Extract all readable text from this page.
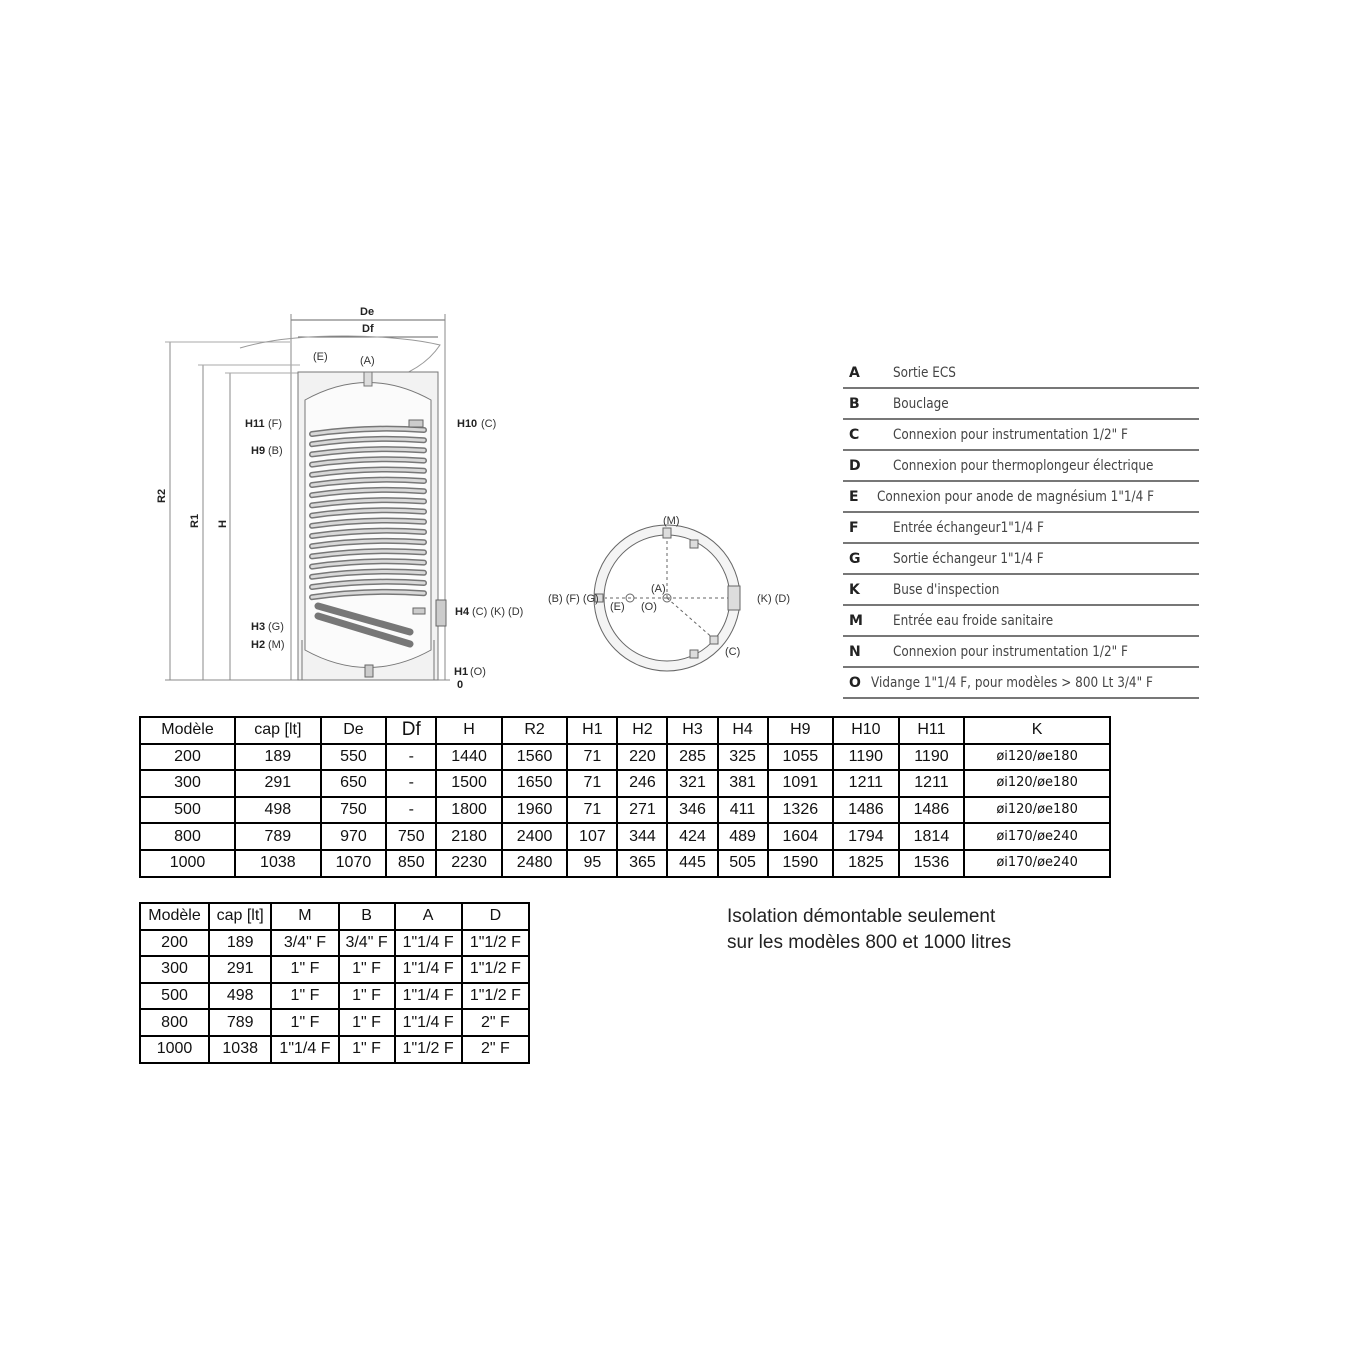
De
Df
(E)	(A)
R2
R1 H
H11 (F)
H9 (B)
H10 (C)
H4 (C) (K) (D)
H3 (G)
H2 (M)
H1 (O)
0
(M)
(A)
(E) (O)
(B) (F) (G)	(K) (D)
(C)
A	Sortie ECS
B	Bouclage
C	Connexion pour instrumentation 1/2" F
D	Connexion pour thermoplongeur électrique
E	Connexion pour anode de magnésium 1"1/4 F
F	Entrée échangeur1"1/4 F
G	Sortie échangeur 1"1/4 F
K	Buse d'inspection
M	Entrée eau froide sanitaire
N	Connexion pour instrumentation 1/2" F
O Vidange 1"1/4 F, pour modèles > 800 Lt 3/4" F
Modèle	cap [lt]	De	Df	H	R2	H1	H2	H3	H4	H9	H10	H11	K
200	189	550	-	1440	1560	71	220	285	325	1055	1190	1190	øi120/øe180
300	291	650	-	1500	1650	71	246	321	381	1091	1211	1211	øi120/øe180
500	498	750	-	1800	1960	71	271	346	411	1326	1486	1486	øi120/øe180
800	789	970	750	2180	2400	107	344	424	489	1604	1794	1814	øi170/øe240
1000	1038	1070	850	2230	2480	95	365	445	505	1590	1825	1536	øi170/øe240
Modèle	cap [lt]	M	B	A	D
200	189	3/4" F	3/4" F	1"1/4 F	1"1/2 F
300	291	1" F	1" F	1"1/4 F	1"1/2 F
500	498	1" F	1" F	1"1/4 F	1"1/2 F
800	789	1" F	1" F	1"1/4 F	2" F
1000	1038	1"1/4 F	1" F	1"1/2 F	2" F
Isolation démontable seulement
sur les modèles 800 et 1000 litres
